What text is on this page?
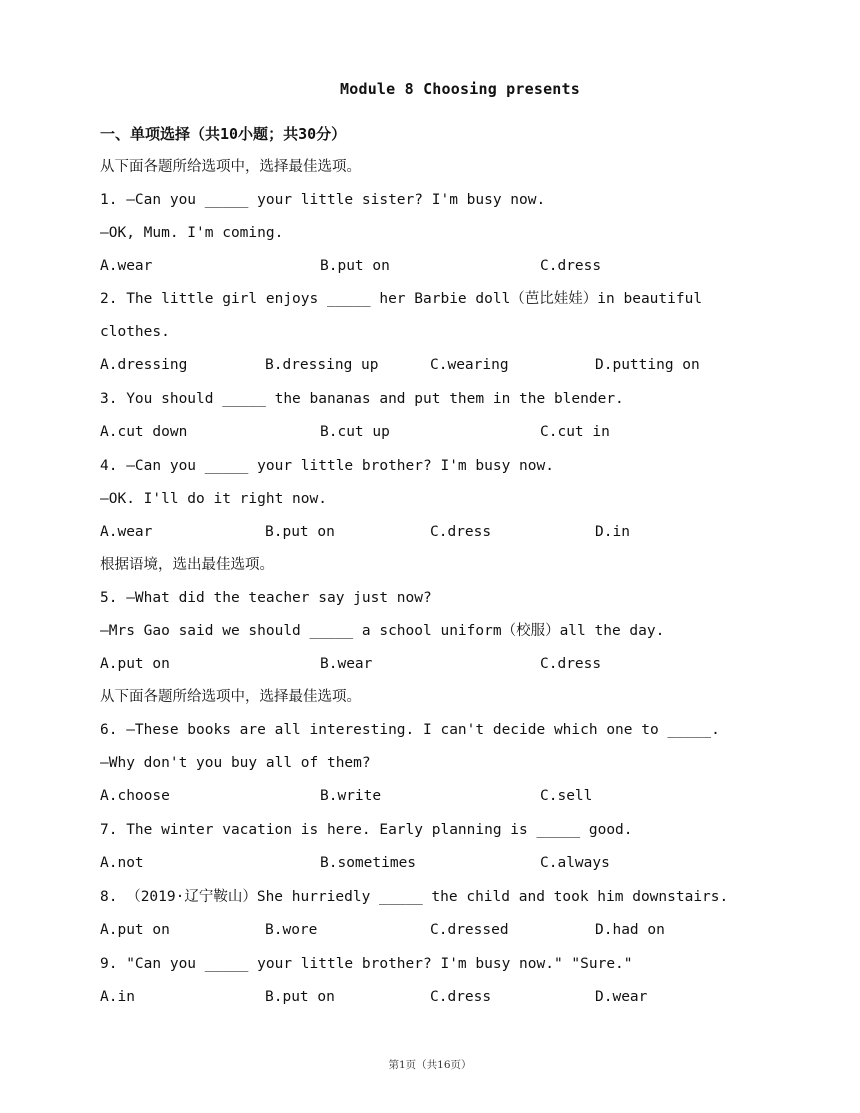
Module 8 Choosing presents
一、单项选择（共10小题；共30分）
从下面各题所给选项中，选择最佳选项。
1. —Can you _____ your little sister? I'm busy now.
—OK, Mum. I'm coming.
A.wear	B.put on	C.dress
2. The little girl enjoys _____ her Barbie doll（芭比娃娃）in beautiful
clothes.
A.dressing	B.dressing up	C.wearing	D.putting on
3. You should _____ the bananas and put them in the blender.
A.cut down	B.cut up	C.cut in
4. —Can you _____ your little brother? I'm busy now.
—OK. I'll do it right now.
A.wear	B.put on	C.dress	D.in
根据语境，选出最佳选项。
5. —What did the teacher say just now?
—Mrs Gao said we should _____ a school uniform（校服）all the day.
A.put on	B.wear	C.dress
从下面各题所给选项中，选择最佳选项。
6. —These books are all interesting. I can't decide which one to _____.
—Why don't you buy all of them?
A.choose	B.write	C.sell
7. The winter vacation is here. Early planning is _____ good.
A.not	B.sometimes	C.always
8. （2019·辽宁鞍山）She hurriedly _____ the child and took him downstairs.
A.put on	B.wore	C.dressed	D.had on
9. "Can you _____ your little brother? I'm busy now." "Sure."
A.in	B.put on	C.dress	D.wear
第1页（共16页）
